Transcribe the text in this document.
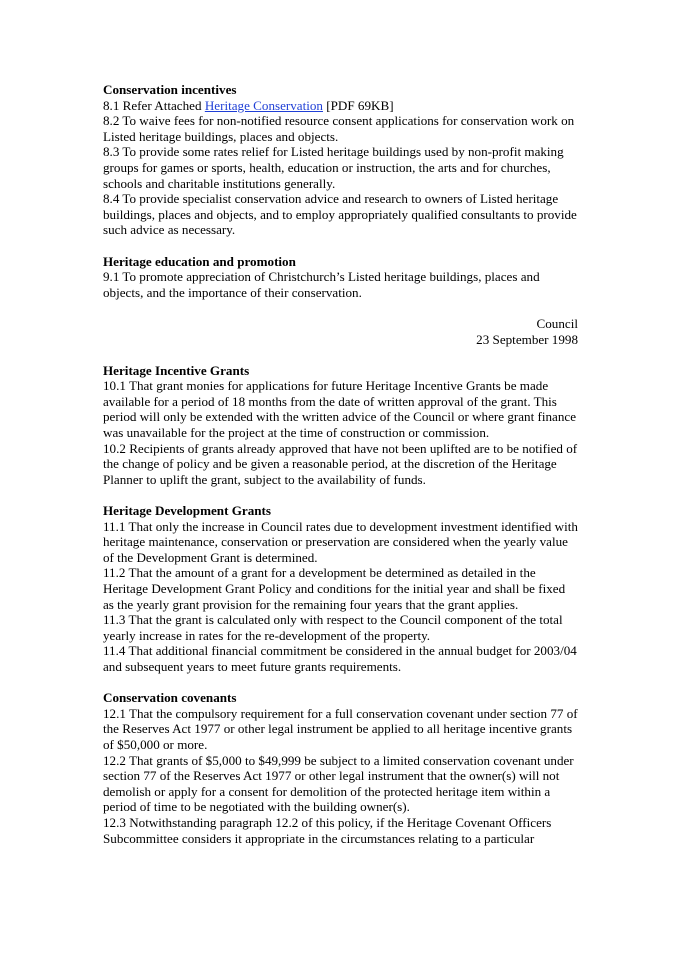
Conservation incentives
8.1 Refer Attached Heritage Conservation [PDF 69KB]
8.2 To waive fees for non-notified resource consent applications for conservation work on Listed heritage buildings, places and objects.
8.3 To provide some rates relief for Listed heritage buildings used by non-profit making groups for games or sports, health, education or instruction, the arts and for churches, schools and charitable institutions generally.
8.4 To provide specialist conservation advice and research to owners of Listed heritage buildings, places and objects, and to employ appropriately qualified consultants to provide such advice as necessary.
Heritage education and promotion
9.1 To promote appreciation of Christchurch’s Listed heritage buildings, places and objects, and the importance of their conservation.
Council
23 September 1998
Heritage Incentive Grants
10.1 That grant monies for applications for future Heritage Incentive Grants be made available for a period of 18 months from the date of written approval of the grant. This period will only be extended with the written advice of the Council or where grant finance was unavailable for the project at the time of construction or commission.
10.2 Recipients of grants already approved that have not been uplifted are to be notified of the change of policy and be given a reasonable period, at the discretion of the Heritage Planner to uplift the grant, subject to the availability of funds.
Heritage Development Grants
11.1 That only the increase in Council rates due to development investment identified with heritage maintenance, conservation or preservation are considered when the yearly value of the Development Grant is determined.
11.2 That the amount of a grant for a development be determined as detailed in the Heritage Development Grant Policy and conditions for the initial year and shall be fixed as the yearly grant provision for the remaining four years that the grant applies.
11.3 That the grant is calculated only with respect to the Council component of the total yearly increase in rates for the re-development of the property.
11.4 That additional financial commitment be considered in the annual budget for 2003/04 and subsequent years to meet future grants requirements.
Conservation covenants
12.1 That the compulsory requirement for a full conservation covenant under section 77 of the Reserves Act 1977 or other legal instrument be applied to all heritage incentive grants of $50,000 or more.
12.2 That grants of $5,000 to $49,999 be subject to a limited conservation covenant under section 77 of the Reserves Act 1977 or other legal instrument that the owner(s) will not demolish or apply for a consent for demolition of the protected heritage item within a period of time to be negotiated with the building owner(s).
12.3 Notwithstanding paragraph 12.2 of this policy, if the Heritage Covenant Officers Subcommittee considers it appropriate in the circumstances relating to a particular
